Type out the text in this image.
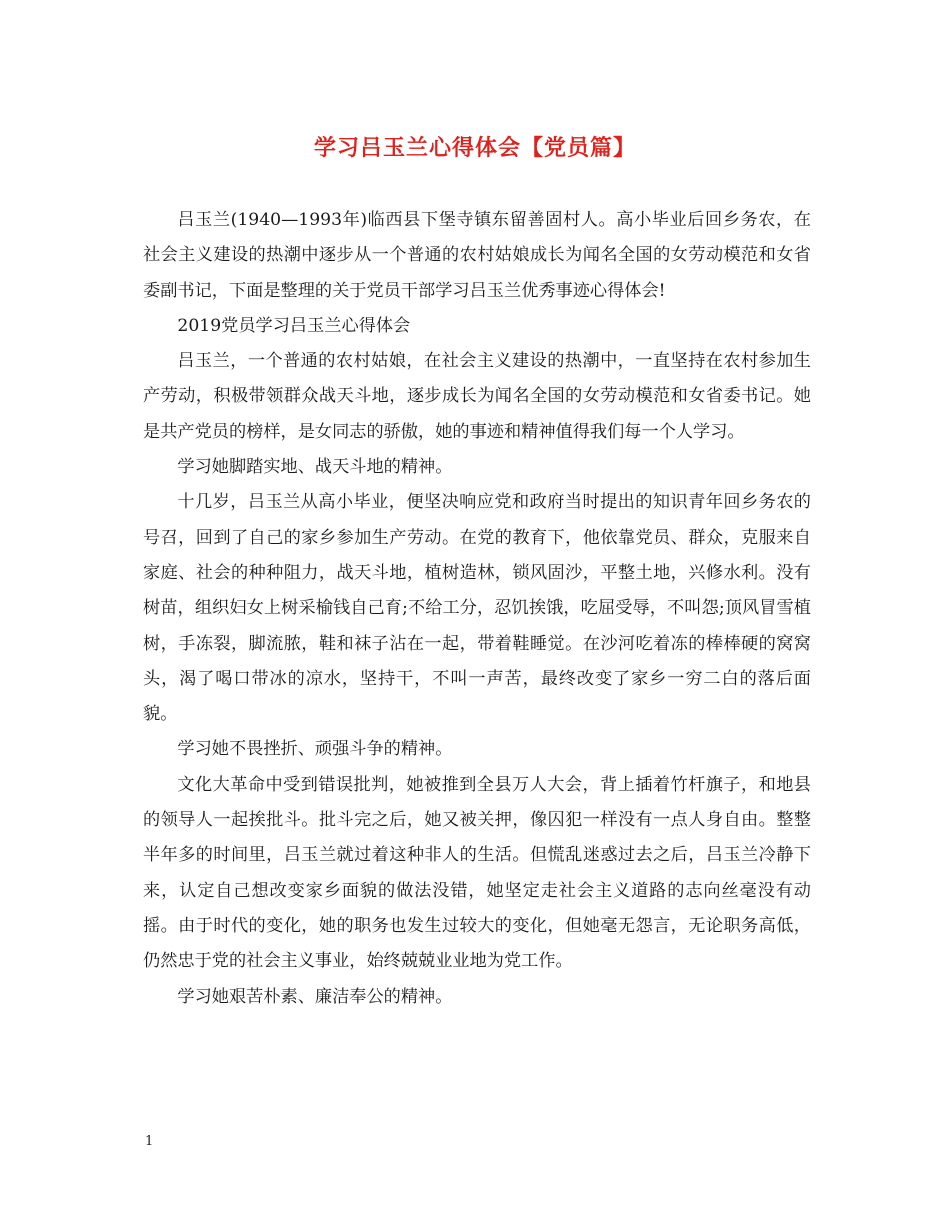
学习吕玉兰心得体会【党员篇】

吕玉兰(1940—1993年)临西县下堡寺镇东留善固村人。高小毕业后回乡务农，在社会主义建设的热潮中逐步从一个普通的农村姑娘成长为闻名全国的女劳动模范和女省委副书记，下面是整理的关于党员干部学习吕玉兰优秀事迹心得体会!

2019党员学习吕玉兰心得体会

吕玉兰，一个普通的农村姑娘，在社会主义建设的热潮中，一直坚持在农村参加生产劳动，积极带领群众战天斗地，逐步成长为闻名全国的女劳动模范和女省委书记。她是共产党员的榜样，是女同志的骄傲，她的事迹和精神值得我们每一个人学习。

学习她脚踏实地、战天斗地的精神。

十几岁，吕玉兰从高小毕业，便坚决响应党和政府当时提出的知识青年回乡务农的号召，回到了自己的家乡参加生产劳动。在党的教育下，他依靠党员、群众，克服来自家庭、社会的种种阻力，战天斗地，植树造林，锁风固沙，平整土地，兴修水利。没有树苗，组织妇女上树采榆钱自己育;不给工分，忍饥挨饿，吃屈受辱，不叫怨;顶风冒雪植树，手冻裂，脚流脓，鞋和袜子沾在一起，带着鞋睡觉。在沙河吃着冻的棒棒硬的窝窝头，渴了喝口带冰的凉水，坚持干，不叫一声苦，最终改变了家乡一穷二白的落后面貌。

学习她不畏挫折、顽强斗争的精神。

文化大革命中受到错误批判，她被推到全县万人大会，背上插着竹杆旗子，和地县的领导人一起挨批斗。批斗完之后，她又被关押，像囚犯一样没有一点人身自由。整整半年多的时间里，吕玉兰就过着这种非人的生活。但慌乱迷惑过去之后，吕玉兰冷静下来，认定自己想改变家乡面貌的做法没错，她坚定走社会主义道路的志向丝毫没有动摇。由于时代的变化，她的职务也发生过较大的变化，但她毫无怨言，无论职务高低，仍然忠于党的社会主义事业，始终兢兢业业地为党工作。

学习她艰苦朴素、廉洁奉公的精神。

1
